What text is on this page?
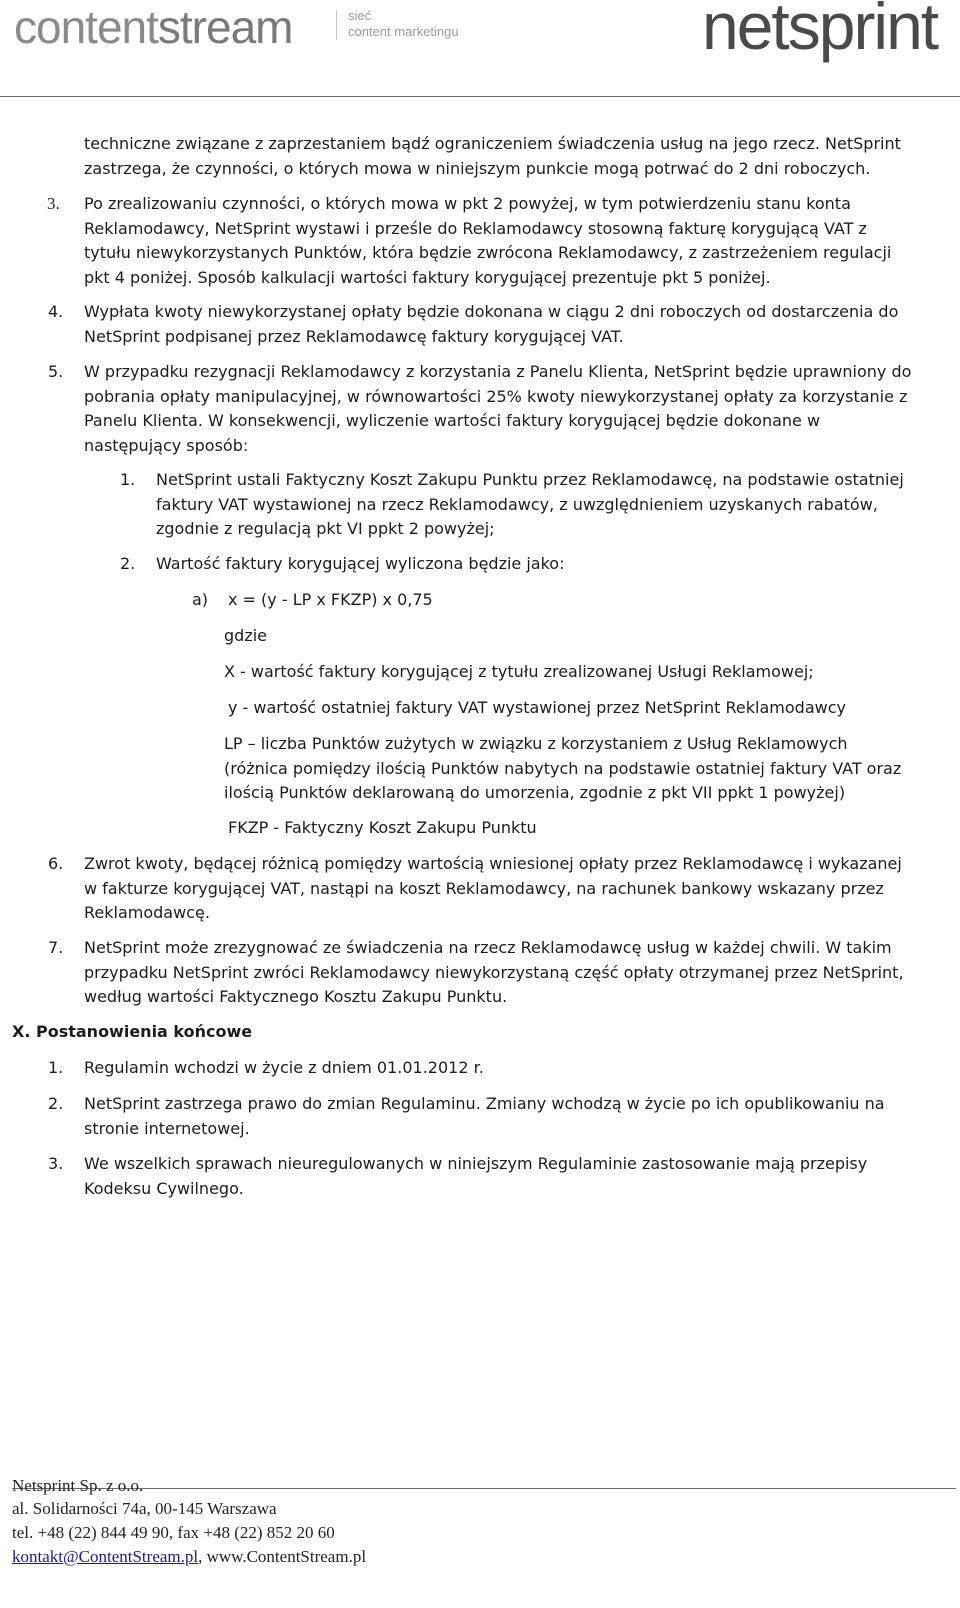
contentstream	sieć
content marketingu	netsprint
techniczne związane z zaprzestaniem bądź ograniczeniem świadczenia usług na jego rzecz. NetSprint
zastrzega, że czynności, o których mowa w niniejszym punkcie mogą potrwać do 2 dni roboczych.
3. Po zrealizowaniu czynności, o których mowa w pkt 2 powyżej, w tym potwierdzeniu stanu konta
Reklamodawcy, NetSprint wystawi i prześle do Reklamodawcy stosowną fakturę korygującą VAT z
tytułu niewykorzystanych Punktów, która będzie zwrócona Reklamodawcy, z zastrzeżeniem regulacji
pkt 4 poniżej. Sposób kalkulacji wartości faktury korygującej prezentuje pkt 5 poniżej.
4. Wypłata kwoty niewykorzystanej opłaty będzie dokonana w ciągu 2 dni roboczych od dostarczenia do
NetSprint podpisanej przez Reklamodawcę faktury korygującej VAT.
5. W przypadku rezygnacji Reklamodawcy z korzystania z Panelu Klienta, NetSprint będzie uprawniony do
pobrania opłaty manipulacyjnej, w równowartości 25% kwoty niewykorzystanej opłaty za korzystanie z
Panelu Klienta. W konsekwencji, wyliczenie wartości faktury korygującej będzie dokonane w
następujący sposób:
1. NetSprint ustali Faktyczny Koszt Zakupu Punktu przez Reklamodawcę, na podstawie ostatniej
faktury VAT wystawionej na rzecz Reklamodawcy, z uwzględnieniem uzyskanych rabatów,
zgodnie z regulacją pkt VI ppkt 2 powyżej;
2. Wartość faktury korygującej wyliczona będzie jako:
a) x = (y - LP x FKZP) x 0,75
gdzie
X - wartość faktury korygującej z tytułu zrealizowanej Usługi Reklamowej;
y - wartość ostatniej faktury VAT wystawionej przez NetSprint Reklamodawcy
LP – liczba Punktów zużytych w związku z korzystaniem z Usług Reklamowych
(różnica pomiędzy ilością Punktów nabytych na podstawie ostatniej faktury VAT oraz
ilością Punktów deklarowaną do umorzenia, zgodnie z pkt VII ppkt 1 powyżej)
FKZP - Faktyczny Koszt Zakupu Punktu
6. Zwrot kwoty, będącej różnicą pomiędzy wartością wniesionej opłaty przez Reklamodawcę i wykazanej
w fakturze korygującej VAT, nastąpi na koszt Reklamodawcy, na rachunek bankowy wskazany przez
Reklamodawcę.
7. NetSprint może zrezygnować ze świadczenia na rzecz Reklamodawcę usług w każdej chwili. W takim
przypadku NetSprint zwróci Reklamodawcy niewykorzystaną część opłaty otrzymanej przez NetSprint,
według wartości Faktycznego Kosztu Zakupu Punktu.
X. Postanowienia końcowe
1. Regulamin wchodzi w życie z dniem 01.01.2012 r.
2. NetSprint zastrzega prawo do zmian Regulaminu. Zmiany wchodzą w życie po ich opublikowaniu na
stronie internetowej.
3. We wszelkich sprawach nieuregulowanych w niniejszym Regulaminie zastosowanie mają przepisy
Kodeksu Cywilnego.
Netsprint Sp. z o.o.
al. Solidarności 74a, 00-145 Warszawa
tel. +48 (22) 844 49 90, fax +48 (22) 852 20 60
kontakt@ContentStream.pl, www.ContentStream.pl
